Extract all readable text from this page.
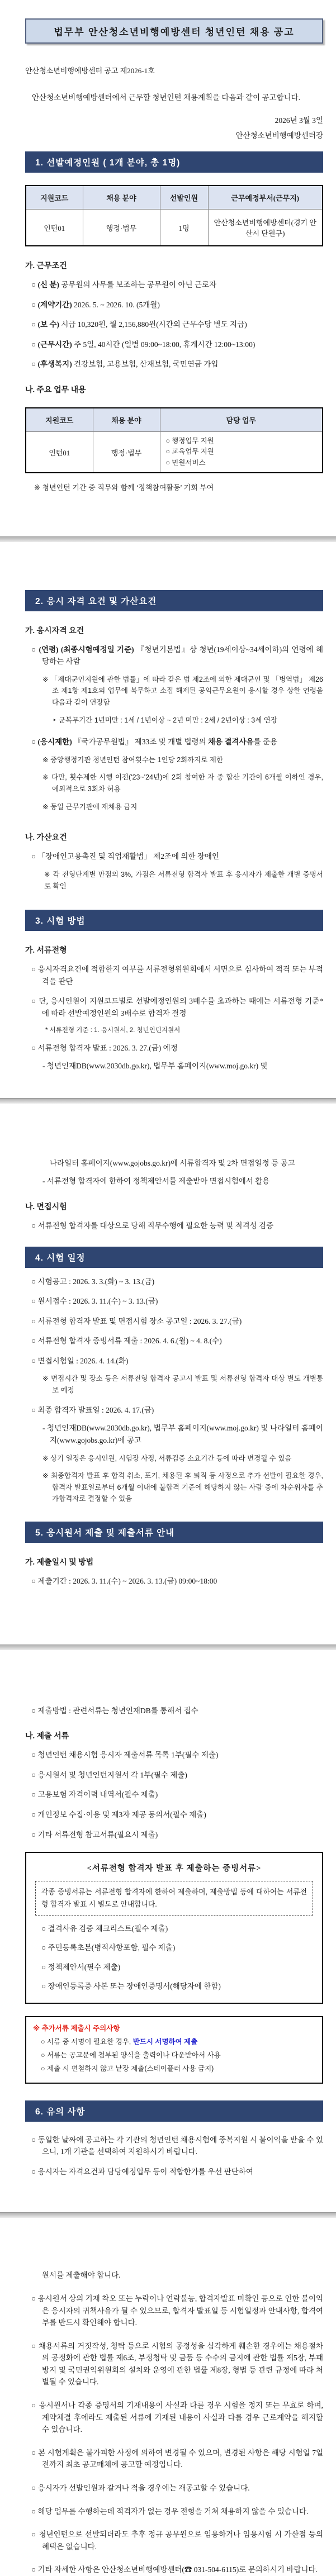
법무부 안산청소년비행예방센터 청년인턴 채용 공고

안산청소년비행예방센터 공고 제2026-1호

안산청소년비행예방센터에서 근무할 청년인턴 채용계획을 다음과 같이 공고합니다.

2026년 3월 3일

안산청소년비행예방센터장

1. 선발예정인원 ( 1개 분야, 총 1명)
지원코드	채용 분야	선발인원	근무예정부서(근무지)
인턴01	행정·법무	1명	안산청소년비행예방센터(경기 안산시 단원구)

가. 근무조건

○ (신 분) 공무원의 사무를 보조하는 공무원이 아닌 근로자

○ (계약기간) 2026. 5. ~ 2026. 10. (5개월)

○ (보 수) 시급 10,320원, 월 2,156,880원(시간외 근무수당 별도 지급)

○ (근무시간) 주 5일, 40시간 (일별 09:00~18:00, 휴게시간 12:00~13:00)

○ (후생복지) 건강보험, 고용보험, 산재보험, 국민연금 가입

나. 주요 업무 내용

지원코드	채용 분야	담당 업무
인턴01	행정·법무	○ 행정업무 지원
○ 교육업무 지원
○ 민원서비스

※ 청년인턴 기간 중 직무와 함께 ‘정책참여활동’ 기회 부여

2. 응시 자격 요건 및 가산요건

가. 응시자격 요건

○ (연령) (최종시험예정일 기준) 『청년기본법』상 청년(19세이상~34세이하)의 연령에 해당하는 사람

※ 「제대군인지원에 관한 법률」에 따라 같은 법 제2조에 의한 제대군인 및 「병역법」 제26조 제1항 제1호의 업무에 복무하고 소집 해제된 공익근무요원이 응시할 경우 상한 연령을 다음과 같이 연장함

‣ 군복무기간 1년미만 : 1세 / 1년이상 ~ 2년 미만 : 2세 / 2년이상 : 3세 연장

○ (응시제한) 『국가공무원법』 제33조 및 개별 법령의 채용 결격사유를 준용

※ 중앙행정기관 청년인턴 참여횟수는 1인당 2회까지로 제한

※ 다만, 횟수제한 시행 이전('23~'24년)에 2회 참여한 자 중 합산 기간이 6개월 이하인 경우, 예외적으로 3회차 허용

※ 동일 근무기관에 재채용 금지

나. 가산요건

○ 「장애인고용촉진 및 직업재활법」 제2조에 의한 장애인

※ 각 전형단계별 만점의 3%, 가점은 서류전형 합격자 발표 후 응시자가 제출한 개별 증명서로 확인

3. 시험 방법

가. 서류전형

○ 응시자격요건에 적합한지 여부를 서류전형위원회에서 서면으로 심사하여 적격 또는 부적격을 판단

○ 단, 응시인원이 지원코드별로 선발예정인원의 3배수를 초과하는 때에는 서류전형 기준*에 따라 선발예정인원의 3배수로 합격자 결정

* 서류전형 기준 : 1. 응시원서, 2. 청년인턴지원서

○ 서류전형 합격자 발표 : 2026. 3. 27.(금) 예정

- 청년인재DB(www.2030db.go.kr), 법무부 홈페이지(www.moj.go.kr) 및

나라일터 홈페이지(www.gojobs.go.kr)에 서류합격자 및 2차 면접일정 등 공고

- 서류전형 합격자에 한하여 정책제안서를 제출받아 면접시험에서 활용

나. 면접시험

○ 서류전형 합격자를 대상으로 당해 직무수행에 필요한 능력 및 적격성 검증

4. 시험 일정

○ 시험공고 : 2026. 3. 3.(화) ~ 3. 13.(금)

○ 원서접수 : 2026. 3. 11.(수) ~ 3. 13.(금)

○ 서류전형 합격자 발표 및 면접시험 장소 공고일 : 2026. 3. 27.(금)

○ 서류전형 합격자 증빙서류 제출 : 2026. 4. 6.(월) ~ 4. 8.(수)

○ 면접시험일 : 2026. 4. 14.(화)

※ 면접시간 및 장소 등은 서류전형 합격자 공고시 발표 및 서류전형 합격자 대상 별도 개별통보 예정

○ 최종 합격자 발표일 : 2026. 4. 17.(금)

- 청년인재DB(www.2030db.go.kr), 법무부 홈페이지(www.moj.go.kr) 및 나라일터 홈페이지(www.gojobs.go.kr)에 공고

※ 상기 일정은 응시인원, 시험장 사정, 서류검증 소요기간 등에 따라 변경될 수 있음

※ 최종합격자 발표 후 합격 취소, 포기, 채용된 후 퇴직 등 사정으로 추가 선발이 필요한 경우, 합격자 발표일로부터 6개월 이내에 불합격 기준에 해당하지 않는 사람 중에 차순위자를 추가합격자로 결정할 수 있음

5. 응시원서 제출 및 제출서류 안내

가. 제출일시 및 방법

○ 제출기간 : 2026. 3. 11.(수) ~ 2026. 3. 13.(금) 09:00~18:00

○ 제출방법 : 관련서류는 청년인재DB를 통해서 접수

나. 제출 서류

○ 청년인턴 채용시험 응시자 제출서류 목록 1부(필수 제출)

○ 응시원서 및 청년인턴지원서 각 1부(필수 제출)

○ 고용보험 자격이력 내역서(필수 제출)

○ 개인정보 수집·이용 및 제3자 제공 동의서(필수 제출)

○ 기타 서류전형 참고서류(필요시 제출)

<서류전형 합격자 발표 후 제출하는 증빙서류>

각종 증빙서류는 서류전형 합격자에 한하여 제출하며, 제출방법 등에 대하여는 서류전형 합격자 발표 시 별도로 안내합니다.

○ 결격사유 검증 체크리스트(필수 제출)

○ 주민등록초본(병적사항포함, 필수 제출)

○ 정책제안서(필수 제출)

○ 장애인등록증 사본 또는 장애인증명서(해당자에 한함)

※ 추가서류 제출시 주의사항

○ 서류 중 서명이 필요한 경우, 반드시 서명하여 제출

○ 서류는 공고문에 첨부된 양식을 출력이나 다운받아서 사용

○ 제출 시 편철하지 않고 낱장 제출(스테이플러 사용 금지)

6. 유의 사항

○ 동일한 날짜에 공고하는 각 기관의 청년인턴 채용시험에 중복지원 시 불이익을 받을 수 있으니, 1개 기관을 선택하여 지원하시기 바랍니다.

○ 응시자는 자격요건과 담당예정업무 등이 적합한가를 우선 판단하여

원서를 제출해야 합니다.

○ 응시원서 상의 기재 착오 또는 누락이나 연락불능, 합격자발표 미확인 등으로 인한 불이익은 응시자의 귀책사유가 될 수 있으므로, 합격자 발표일 등 시험일정과 안내사항, 합격여부를 반드시 확인해야 합니다.

○ 채용서류의 거짓작성, 청탁 등으로 시험의 공정성을 심각하게 훼손한 경우에는 채용절차의 공정화에 관한 법률 제6조, 부정청탁 및 금품 등 수수의 금지에 관한 법률 제5장, 부패방지 및 국민권익위원회의 설치와 운영에 관한 법률 제8장, 형법 등 관련 규정에 따라 처벌될 수 있습니다.

○ 응시원서나 각종 증명서의 기재내용이 사실과 다를 경우 시험을 정지 또는 무효로 하며, 계약체결 후에라도 제출된 서류에 기재된 내용이 사실과 다를 경우 근로계약을 해지할 수 있습니다.

○ 본 시험계획은 불가피한 사정에 의하여 변경될 수 있으며, 변경된 사항은 해당 시험일 7일 전까지 최초 공고매체에 공고할 예정입니다.

○ 응시자가 선발인원과 같거나 적을 경우에는 재공고할 수 있습니다.

○ 해당 업무를 수행하는데 적격자가 없는 경우 전형을 거쳐 채용하지 않을 수 있습니다.

○ 청년인턴으로 선발되더라도 추후 정규 공무원으로 임용하거나 임용시험 시 가산점 등의 혜택은 없습니다.

○ 기타 자세한 사항은 안산청소년비행예방센터(☎ 031-504-6115)로 문의하시기 바랍니다.
